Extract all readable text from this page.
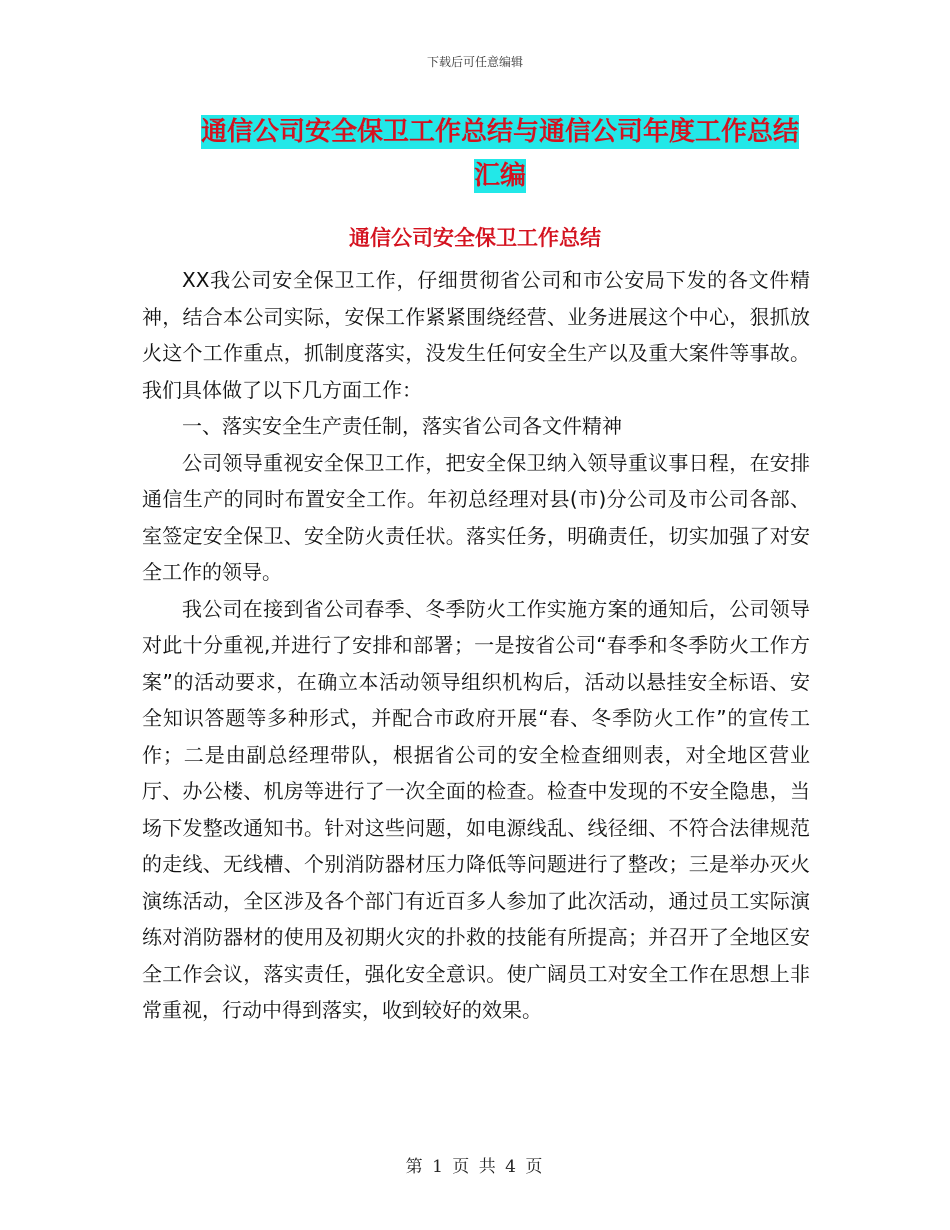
下载后可任意编辑
通信公司安全保卫工作总结与通信公司年度工作总结
汇编
通信公司安全保卫工作总结

XX我公司安全保卫工作，仔细贯彻省公司和市公安局下发的各文件精神，结合本公司实际，安保工作紧紧围绕经营、业务进展这个中心，狠抓放火这个工作重点，抓制度落实，没发生任何安全生产以及重大案件等事故。我们具体做了以下几方面工作：

一、落实安全生产责任制，落实省公司各文件精神

公司领导重视安全保卫工作，把安全保卫纳入领导重议事日程，在安排通信生产的同时布置安全工作。年初总经理对县(市)分公司及市公司各部、室签定安全保卫、安全防火责任状。落实任务，明确责任，切实加强了对安全工作的领导。

我公司在接到省公司春季、冬季防火工作实施方案的通知后，公司领导对此十分重视,并进行了安排和部署；一是按省公司“春季和冬季防火工作方案”的活动要求，在确立本活动领导组织机构后，活动以悬挂安全标语、安全知识答题等多种形式，并配合市政府开展“春、冬季防火工作”的宣传工作；二是由副总经理带队，根据省公司的安全检查细则表，对全地区营业厅、办公楼、机房等进行了一次全面的检查。检查中发现的不安全隐患，当场下发整改通知书。针对这些问题，如电源线乱、线径细、不符合法律规范的走线、无线槽、个别消防器材压力降低等问题进行了整改；三是举办灭火演练活动，全区涉及各个部门有近百多人参加了此次活动，通过员工实际演练对消防器材的使用及初期火灾的扑救的技能有所提高；并召开了全地区安全工作会议，落实责任，强化安全意识。使广阔员工对安全工作在思想上非常重视，行动中得到落实，收到较好的效果。

第 1 页 共 4 页
